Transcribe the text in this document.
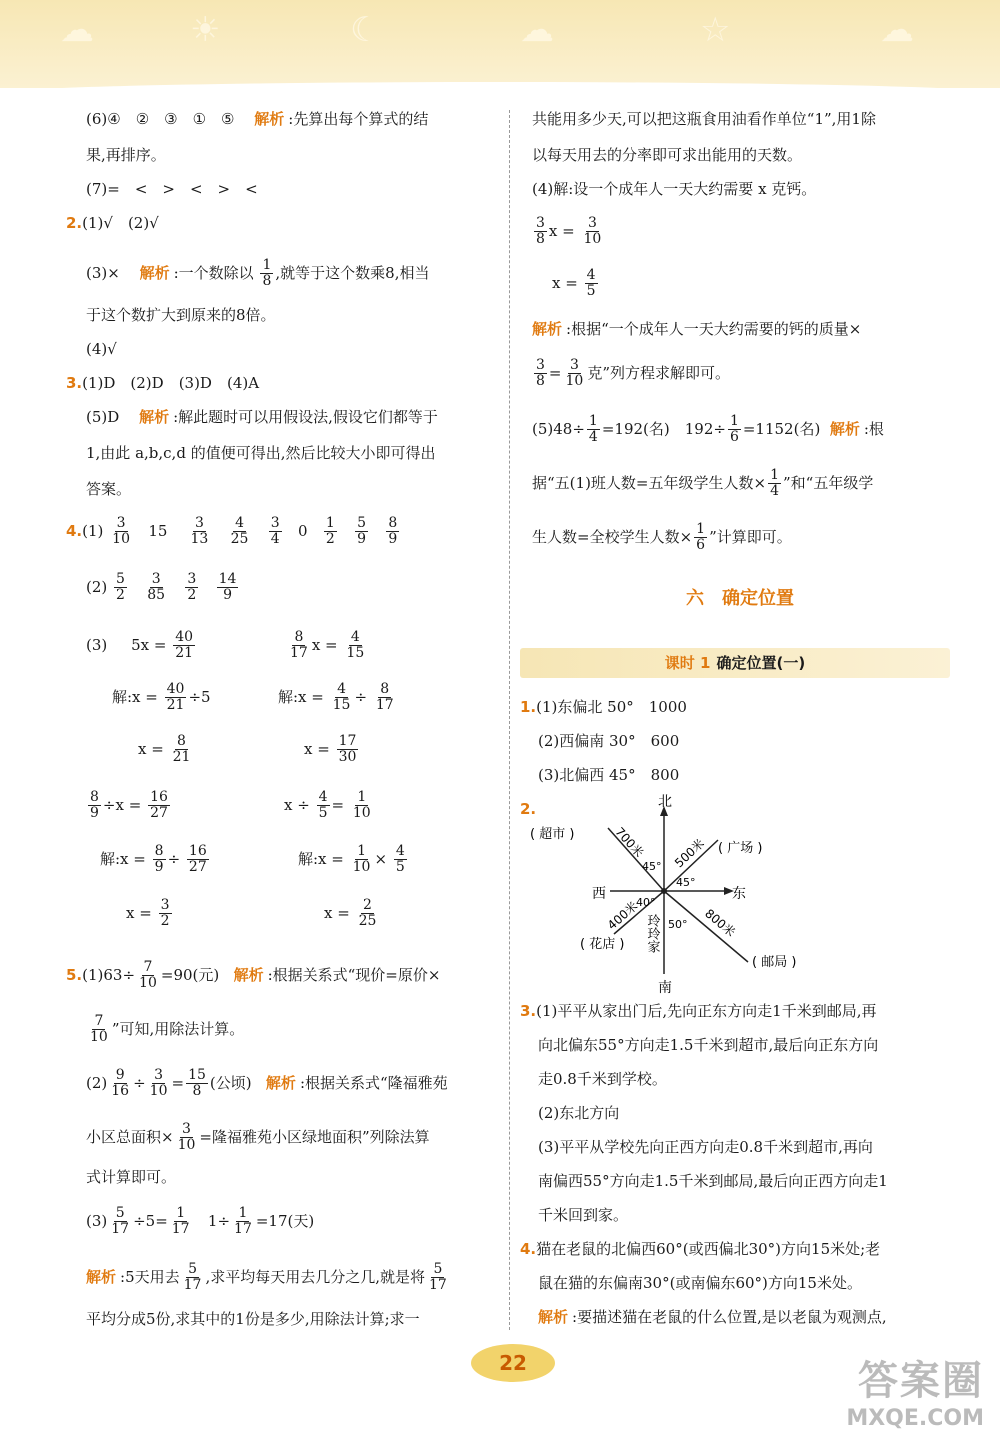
☁	☀	☾	☁	☆	☁
(6)④　②　③　①　⑤　 解析 :先算出每个算式的结
果,再排序。
(7)=　<　>　<　>　<
2.(1)√　(2)√
(3)×　 解析 :一个数除以 $\frac{1}{8}$ ,就等于这个数乘8,相当
于这个数扩大到原来的8倍。
(4)√
3.(1)D　(2)D　(3)D　(4)A
(5)D　 解析 :解此题时可以用假设法,假设它们都等于
1,由此 a,b,c,d 的值便可得出,然后比较大小即可得出
答案。
$4.(1) \frac{3}{10} 15 \frac{3}{13}$
$\frac{4}{25}$
$\frac{3}{4} 0 \frac{1}{2}$
$\frac{5}{9}$
$\frac{8}{9}$
$(2) \frac{5}{2}$
$\frac{3}{85}$
$\frac{3}{2}$
$\frac{14}{9}$
(3) $5x = \frac{40}{21}$	$\frac{8}{17}$ $x = \frac{4}{15}$
解:x = $\frac{40}{21} \div 5$	解:x = $\frac{4}{15} \div \frac{8}{17}$
$x = \frac{8}{21}$	$x = \frac{17}{30}$
$\frac{8}{9} \div x = \frac{16}{27}$	$x \div \frac{4}{5} = \frac{1}{10}$
解:x = $\frac{8}{9} \div \frac{16}{27}$	解:x = $\frac{1}{10} \times \frac{4}{5}$
$x = \frac{3}{2}$	$x = \frac{2}{25}$
$5.(1)63\div \frac{7}{10} =90$(元) 解析 :根据关系式“现价=原价×
$\frac{7}{10}$ ”可知,用除法计算。
$(2) \frac{9}{16} \div \frac{3}{10} = \frac{15}{8}$ (公顷) 解析 :根据关系式“隆福雅苑
小区总面积× $\frac{3}{10}$ =隆福雅苑小区绿地面积”列除法算
式计算即可。
$(3) \frac{5}{17} \div 5= \frac{1}{17} 1\div \frac{1}{17} =17$(天)
解析 :5天用去 $\frac{5}{17}$ ,求平均每天用去几分之几,就是将 $\frac{5}{17}$
平均分成5份,求其中的1份是多少,用除法计算;求一
共能用多少天,可以把这瓶食用油看作单位“1”,用1除
以每天用去的分率即可求出能用的天数。
(4)解:设一个成年人一天大约需要 x 克钙。
$\frac{3}{8}$ $x = \frac{3}{10}$
$x = \frac{4}{5}$
解析 :根据“一个成年人一天大约需要的钙的质量×
$\frac{3}{8} = \frac{3}{10}$ 克”列方程求解即可。
$(5)48\div \frac{1}{4} =192$(名)　$192\div \frac{1}{6} =1152$(名) 解析 :根
据“五(1)班人数=五年级学生人数× $\frac{1}{4}$ ”和“五年级学
生人数=全校学生人数× $\frac{1}{6}$ ”计算即可。
六　确定位置
课时 1 确定位置(一)
1.(1)东偏北 50°　1000
(2)西偏南 30°　600
(3)北偏西 45°　800
2.	北
南
东
西
( 超市 )
( 广场 )
( 花店 )
( 邮局 )
700米 500米
400米	800米
45°
45°
40°
50°
玲玲家
3.(1)平平从家出门后,先向正东方向走1千米到邮局,再
向北偏东55°方向走1.5千米到超市,最后向正东方向
走0.8千米到学校。
(2)东北方向
(3)平平从学校先向正西方向走0.8千米到超市,再向
南偏西55°方向走1.5千米到邮局,最后向正西方向走1
千米回到家。
4.猫在老鼠的北偏西60°(或西偏北30°)方向15米处;老
鼠在猫的东偏南30°(或南偏东60°)方向15米处。
解析 :要描述猫在老鼠的什么位置,是以老鼠为观测点,
22	答案圈
MXQE.COM
